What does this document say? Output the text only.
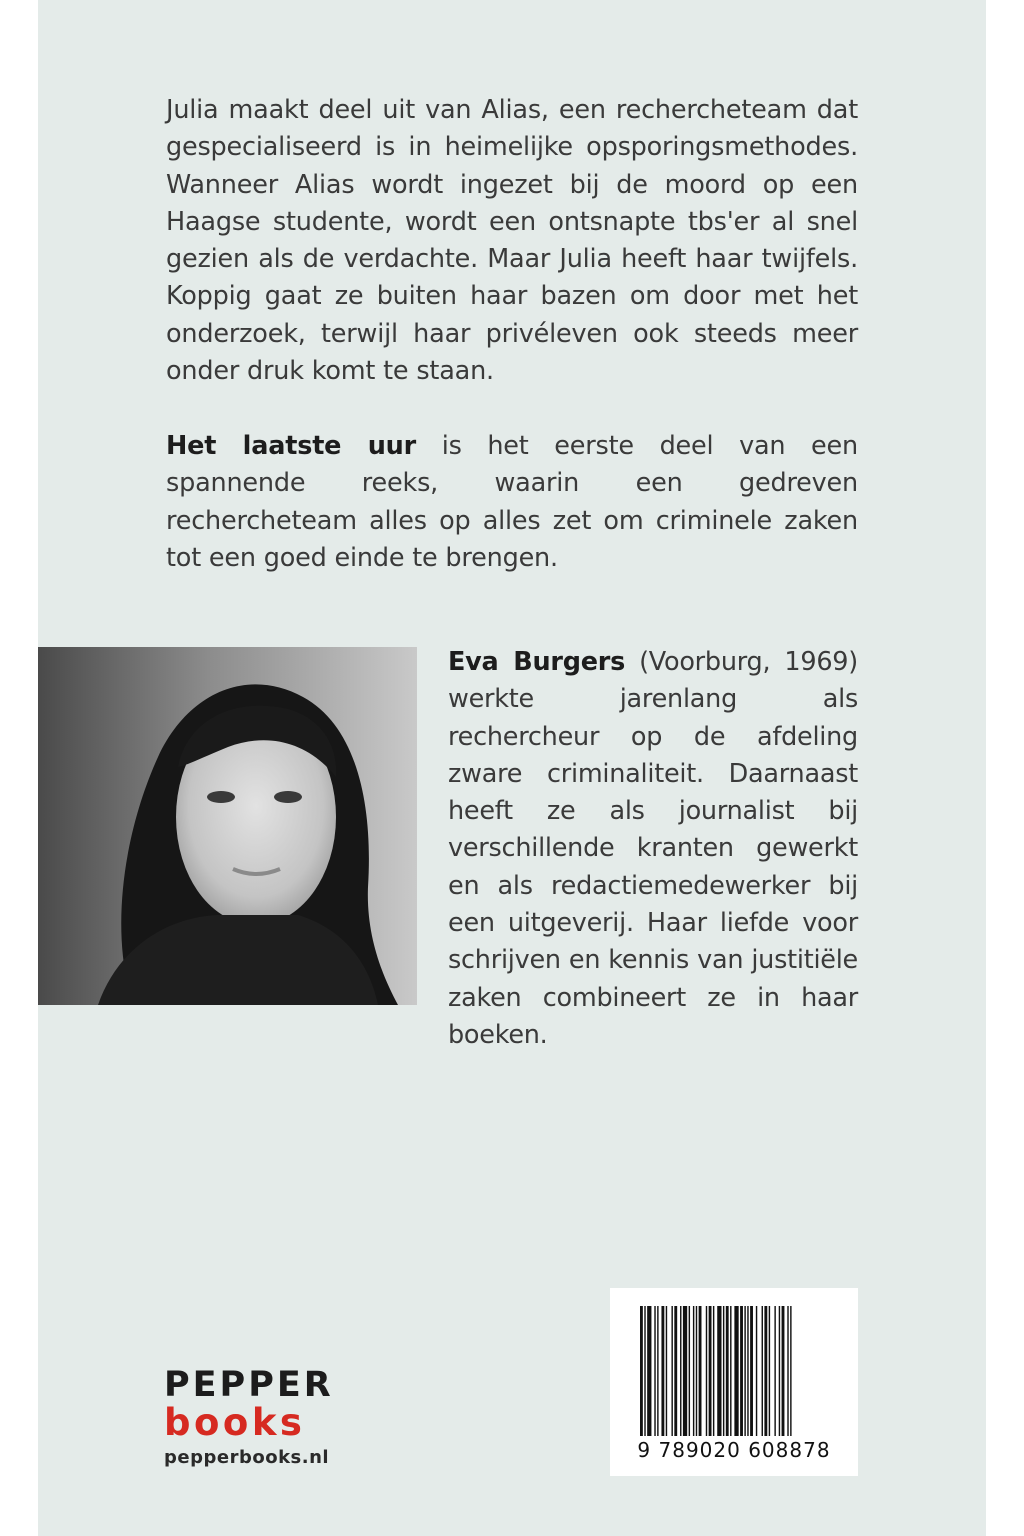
Julia maakt deel uit van Alias, een rechercheteam dat gespecialiseerd is in heimelijke opsporingsmethodes. Wanneer Alias wordt ingezet bij de moord op een Haagse studente, wordt een ontsnapte tbs'er al snel gezien als de verdachte. Maar Julia heeft haar twijfels. Koppig gaat ze buiten haar bazen om door met het onderzoek, terwijl haar privéleven ook steeds meer onder druk komt te staan.

Het laatste uur is het eerste deel van een spannende reeks, waarin een gedreven rechercheteam alles op alles zet om criminele zaken tot een goed einde te brengen.

Eva Burgers (Voorburg, 1969) werkte jarenlang als rechercheur op de afdeling zware criminaliteit. Daarnaast heeft ze als journalist bij verschillende kranten gewerkt en als redactiemedewerker bij een uitgeverij. Haar liefde voor schrijven en kennis van justitiële zaken combineert ze in haar boeken.

PEPPER
books
pepperbooks.nl	9 789020 608878
